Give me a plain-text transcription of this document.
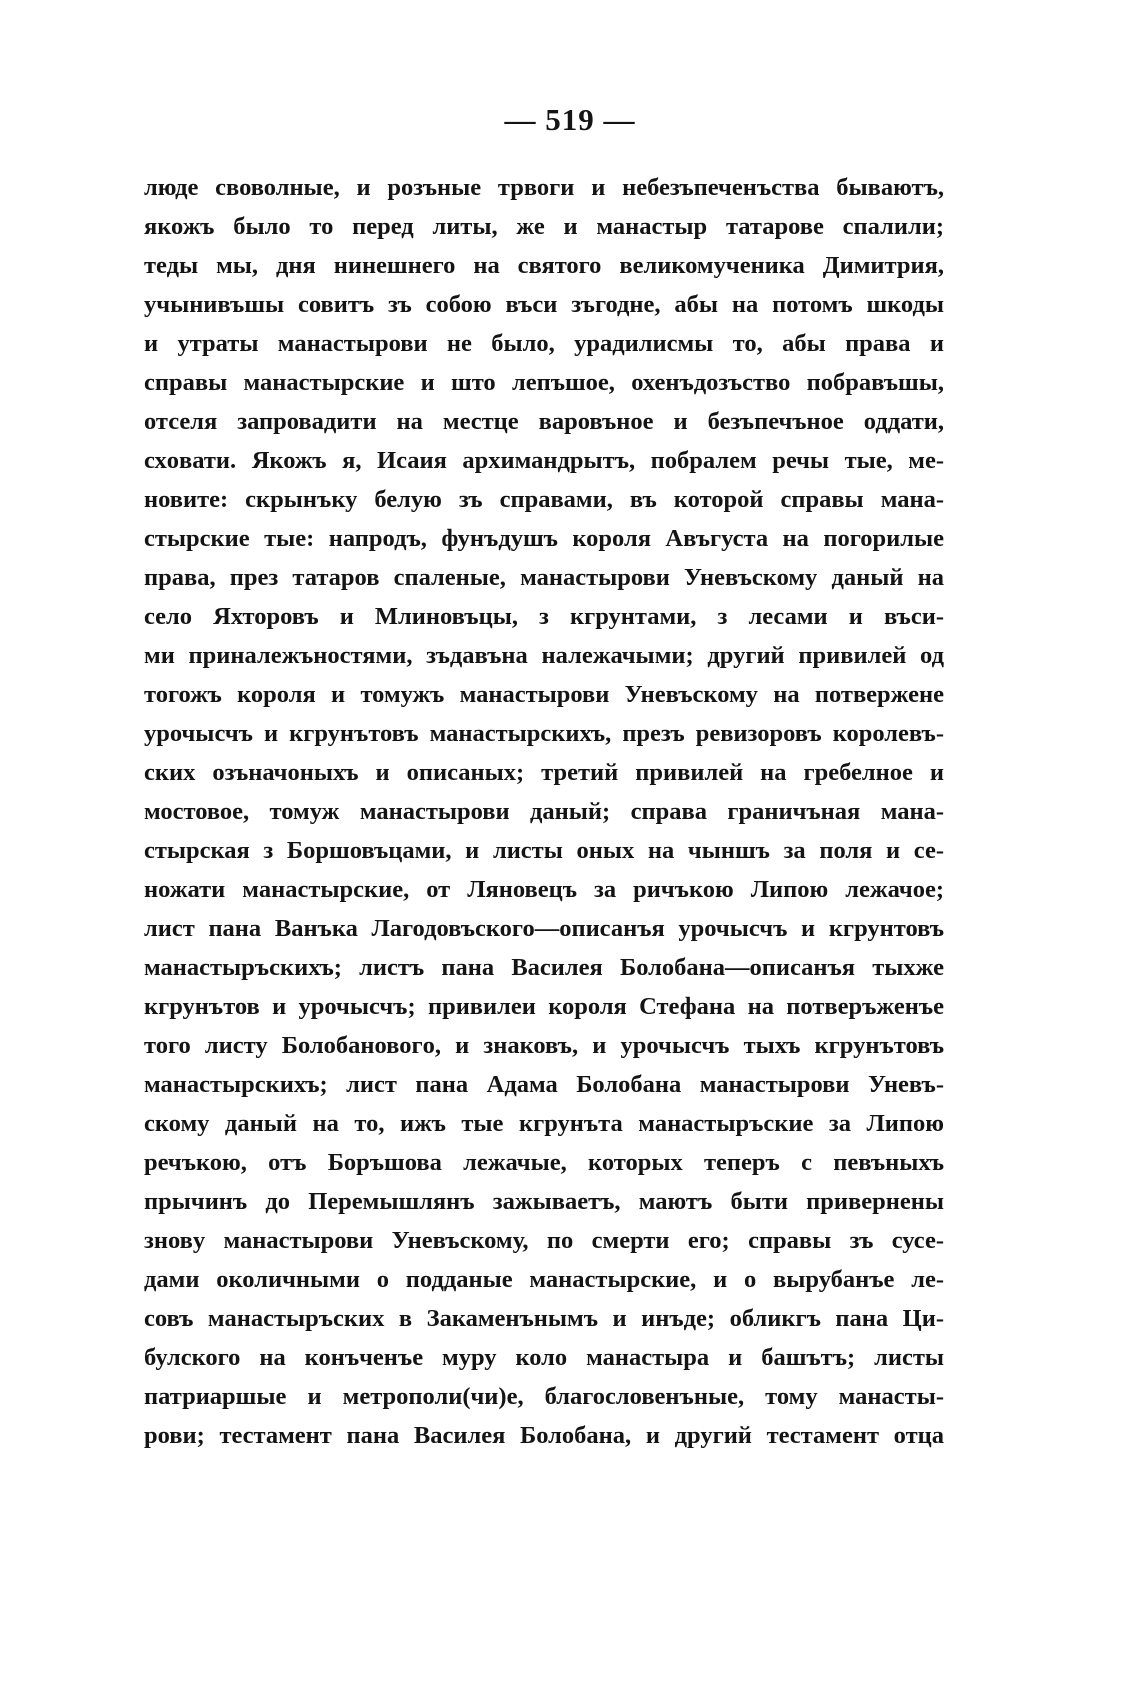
— 519 —
люде своволные, и розъные трвоги и небезъпеченъства бываютъ,
якожъ было то перед литы, же и манастыр татарове спалили;
теды мы, дня нинешнего на святого великомученика Димитрия,
учынивъшы совитъ зъ собою въси зъгодне, абы на потомъ шкоды
и утраты манастырови не было, урадилисмы то, абы права и
справы манастырские и што лепъшое, охенъдозъство побравъшы,
отселя запровадити на местце варовъное и безъпечъное оддати,
схoвати. Якожъ я, Исаия архимандрытъ, побралем речы тые, ме-
новите: скрынъку белую зъ справами, въ которой справы мана-
стырские тые: напродъ, фунъдушъ короля Авъгуста на погорилые
права, през татаров спаленые, манастырови Уневъскому даный на
село Яхторовъ и Млиновъцы, з кгрунтами, з лесами и въси-
ми приналежъностями, зъдавъна належачыми; другий привилей од
тогожъ короля и томужъ манастырови Уневъскому на потвержене
урочысчъ и кгрунътовъ манастырскихъ, презъ ревизоровъ королевъ-
ских озъначоныхъ и описаных; третий привилей на гребелное и
мостовое, томуж манастырови даный; справа граничъная мана-
стырская з Боршовъцами, и листы оных на чыншъ за поля и се-
ножати манастырские, от Ляновецъ за ричъкою Липою лежачое;
лист пана Ванъка Лагодовъского—описанъя урочысчъ и кгрунтовъ
манастыръскихъ; листъ пана Василея Болобана—описанъя тыхже
кгрунътов и урочысчъ; привилеи короля Стефана на потверъженъе
того листу Болобановогo, и знаковъ, и урочысчъ тыхъ кгрунътовъ
манастырскихъ; лист пана Адама Болобана манастырови Уневъ-
скому даный на то, ижъ тые кгрунъта манастыръские за Липою
речъкою, отъ Боръшова лежачые, которых теперъ с певъныхъ
прычинъ до Перемышлянъ зажываетъ, маютъ быти привернены
зновy манастырови Уневъскому, по смерти его; справы зъ сусе-
дами околичными о подданые манастырские, и о вырубанъе ле-
совъ манастыръских в Закаменънымъ и инъде; обликгъ пана Ци-
булского на конъченъе муру коло манастыра и башътъ; листы
патриаршые и метрополи(чи)е, благословенъные, тому манасты-
рови; тестамент пана Василея Болобана, и другий тестамент отца
